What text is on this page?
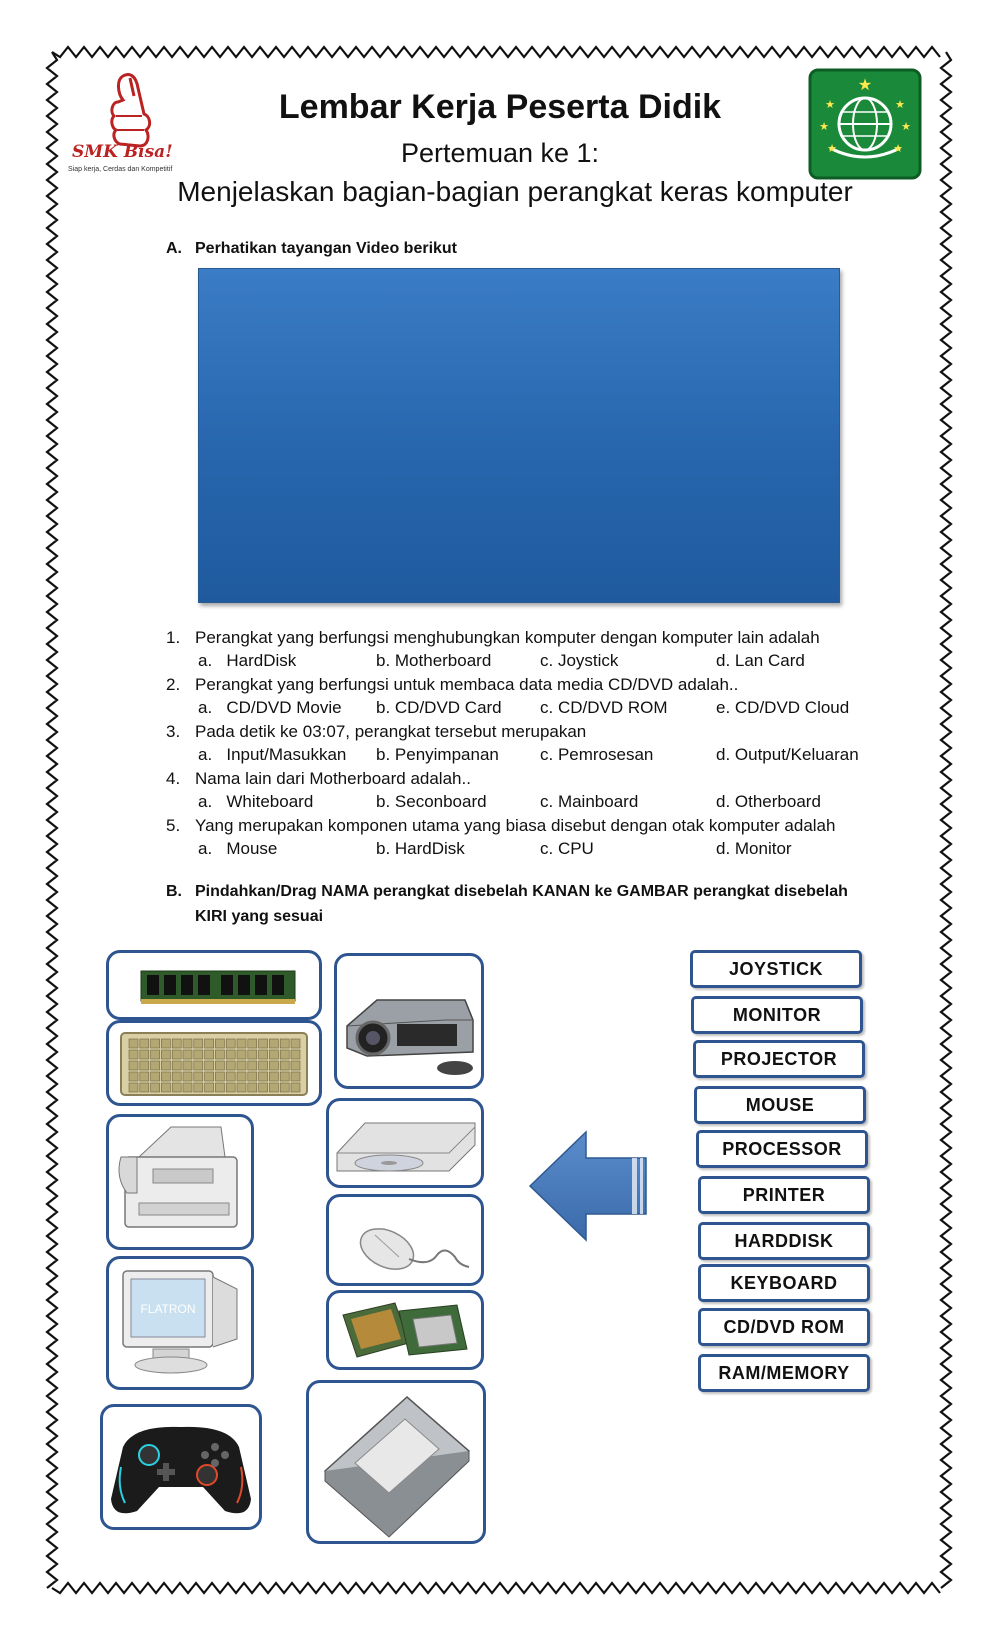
SMK Bisa!
Siap kerja, Cerdas dan Kompetitif
★
★	★
★	★
★	★
Lembar Kerja Peserta Didik
Pertemuan ke 1:
Menjelaskan bagian-bagian perangkat keras komputer
A. Perhatikan tayangan Video berikut
1. Perangkat yang berfungsi menghubungkan komputer dengan komputer lain adalah
a.   HardDisk	b. Motherboard	c. Joystick	d. Lan Card
2. Perangkat yang berfungsi untuk membaca data media CD/DVD adalah..
a.   CD/DVD Movie b. CD/DVD Card c. CD/DVD ROM	e. CD/DVD Cloud
3. Pada detik ke 03:07, perangkat tersebut merupakan
a.   Input/Masukkan b. Penyimpanan c. Pemrosesan	d. Output/Keluaran
4. Nama lain dari Motherboard adalah..
a.   Whiteboard	b. Seconboard	c. Mainboard	d. Otherboard
5. Yang merupakan komponen utama yang biasa disebut dengan otak komputer adalah
a.   Mouse	b. HardDisk	c. CPU	d. Monitor
B. Pindahkan/Drag NAMA perangkat disebelah KANAN ke GAMBAR perangkat disebelah
KIRI yang sesuai
FLATRON
JOYSTICK
MONITOR
PROJECTOR
MOUSE
PROCESSOR
PRINTER
HARDDISK
KEYBOARD
CD/DVD ROM
RAM/MEMORY
